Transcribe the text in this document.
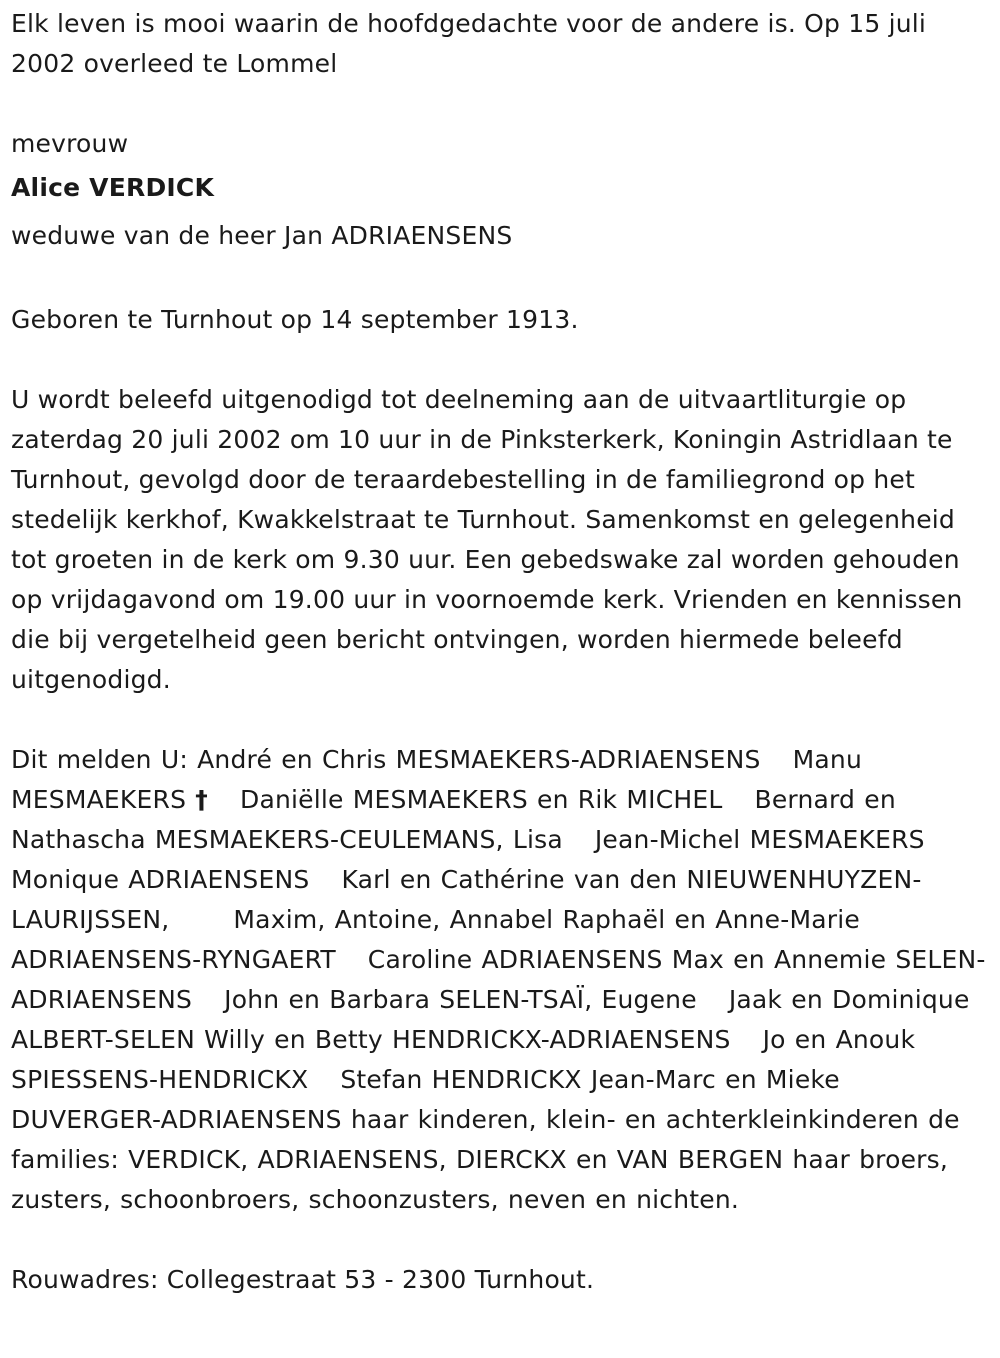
Elk leven is mooi waarin de hoofdgedachte voor de andere is. Op 15 juli 2002 overleed te Lommel

mevrouw

Alice VERDICK

weduwe van de heer Jan ADRIAENSENS

Geboren te Turnhout op 14 september 1913.

U wordt beleefd uitgenodigd tot deelneming aan de uitvaartliturgie op zaterdag 20 juli 2002 om 10 uur in de Pinksterkerk, Koningin Astridlaan te Turnhout, gevolgd door de teraardebestelling in de familiegrond op het stedelijk kerkhof, Kwakkelstraat te Turnhout. Samenkomst en gelegenheid tot groeten in de kerk om 9.30 uur. Een gebedswake zal worden gehouden op vrijdagavond om 19.00 uur in voornoemde kerk. Vrienden en kennissen die bij vergetelheid geen bericht ontvingen, worden hiermede beleefd uitgenodigd.

Dit melden U: André en Chris MESMAEKERS-ADRIAENSENS Manu MESMAEKERS † Daniëlle MESMAEKERS en Rik MICHEL Bernard en Nathascha MESMAEKERS-CEULEMANS, Lisa Jean-Michel MESMAEKERS Monique ADRIAENSENS Karl en Cathérine van den NIEUWENHUYZEN-LAURIJSSEN,	Maxim, Antoine, Annabel Raphaël en Anne-Marie ADRIAENSENS-RYNGAERT Caroline ADRIAENSENS Max en Annemie SELEN-ADRIAENSENS John en Barbara SELEN-TSAÏ, Eugene Jaak en Dominique ALBERT-SELEN Willy en Betty HENDRICKX-ADRIAENSENS Jo en Anouk SPIESSENS-HENDRICKX Stefan HENDRICKX Jean-Marc en Mieke DUVERGER-ADRIAENSENS haar kinderen, klein- en achterkleinkinderen de families: VERDICK, ADRIAENSENS, DIERCKX en VAN BERGEN haar broers, zusters, schoonbroers, schoonzusters, neven en nichten.

Rouwadres: Collegestraat 53 - 2300 Turnhout.
